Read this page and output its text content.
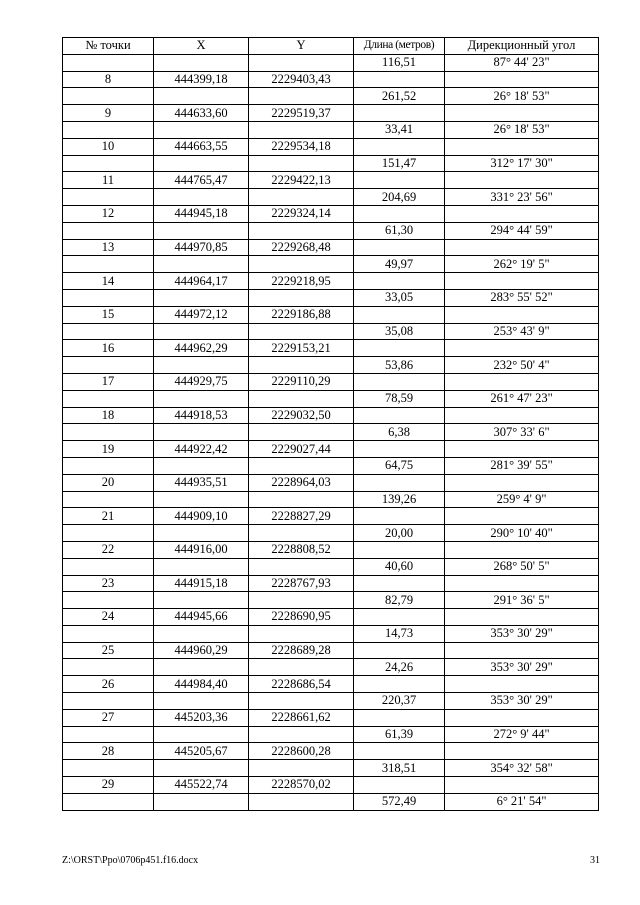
№ точки	X	Y	Длина (метров)	Дирекционный угол
			116,51	87° 44' 23"
8	444399,18	2229403,43		
			261,52	26° 18' 53"
9	444633,60	2229519,37		
			33,41	26° 18' 53"
10	444663,55	2229534,18		
			151,47	312° 17' 30"
11	444765,47	2229422,13		
			204,69	331° 23' 56"
12	444945,18	2229324,14		
			61,30	294° 44' 59"
13	444970,85	2229268,48		
			49,97	262° 19' 5"
14	444964,17	2229218,95		
			33,05	283° 55' 52"
15	444972,12	2229186,88		
			35,08	253° 43' 9"
16	444962,29	2229153,21		
			53,86	232° 50' 4"
17	444929,75	2229110,29		
			78,59	261° 47' 23"
18	444918,53	2229032,50		
			6,38	307° 33' 6"
19	444922,42	2229027,44		
			64,75	281° 39' 55"
20	444935,51	2228964,03		
			139,26	259° 4' 9"
21	444909,10	2228827,29		
			20,00	290° 10' 40"
22	444916,00	2228808,52		
			40,60	268° 50' 5"
23	444915,18	2228767,93		
			82,79	291° 36' 5"
24	444945,66	2228690,95		
			14,73	353° 30' 29"
25	444960,29	2228689,28		
			24,26	353° 30' 29"
26	444984,40	2228686,54		
			220,37	353° 30' 29"
27	445203,36	2228661,62		
			61,39	272° 9' 44"
28	445205,67	2228600,28		
			318,51	354° 32' 58"
29	445522,74	2228570,02		
			572,49	6° 21' 54"
Z:\ORST\Ppo\0706p451.f16.docx	31
